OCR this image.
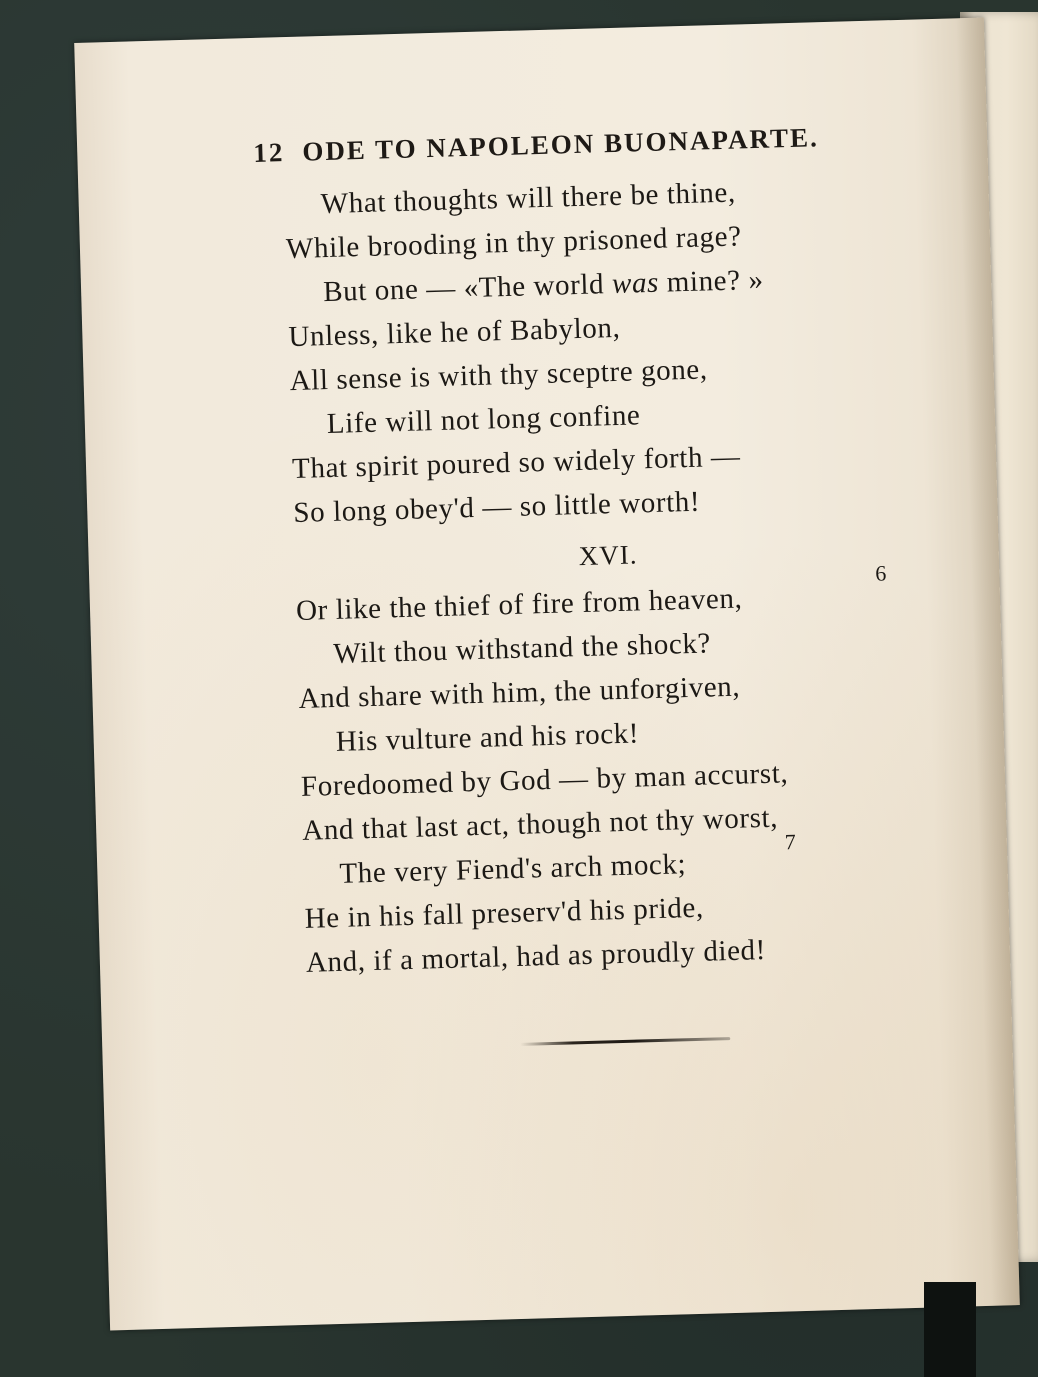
12 ODE TO NAPOLEON BUONAPARTE.
What thoughts will there be thine,
While brooding in thy prisoned rage?
But one — «The world was mine? »
Unless, like he of Babylon,
All sense is with thy sceptre gone,
Life will not long confine
That spirit poured so widely forth —
So long obey'd — so little worth!
XVI.
Or like the thief of fire from heaven,
6
Wilt thou withstand the shock?
And share with him, the unforgiven,
His vulture and his rock!
Foredoomed by God — by man accurst,
And that last act, though not thy worst,
The very Fiend's arch mock;
7
He in his fall preserv'd his pride,
And, if a mortal, had as proudly died!
